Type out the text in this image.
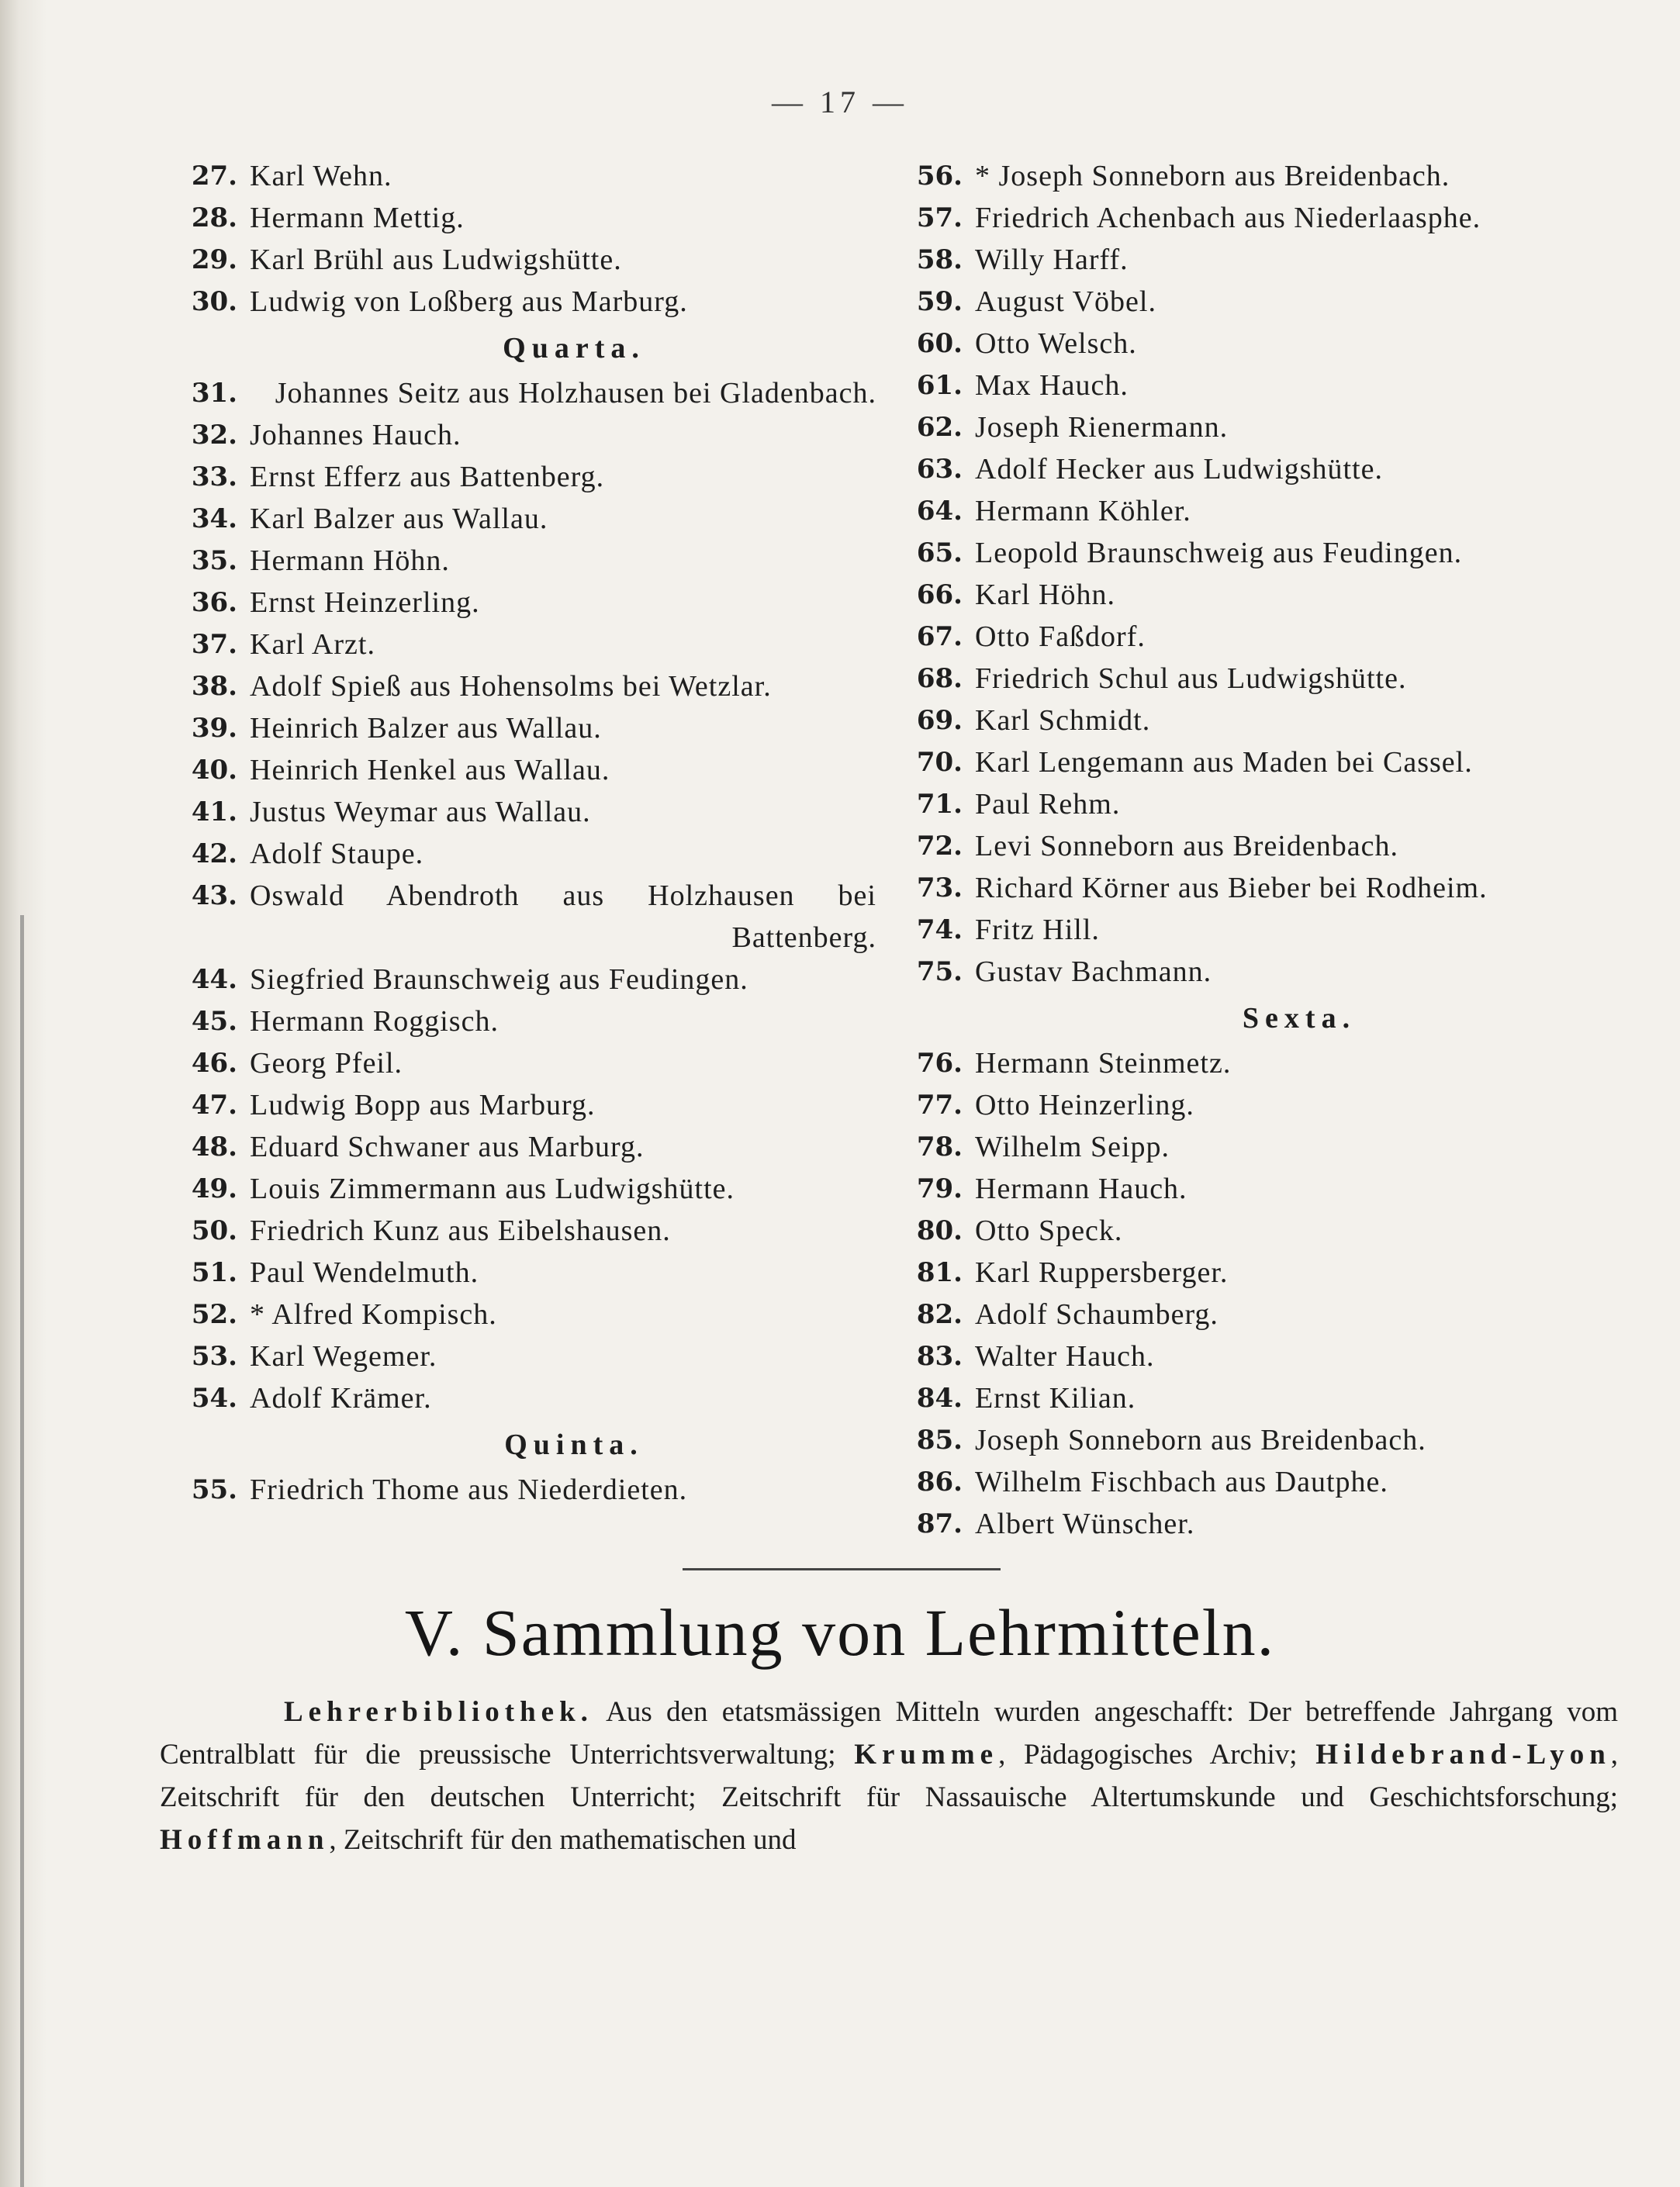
— 17 —
27. Karl Wehn.
28. Hermann Mettig.
29. Karl Brühl aus Ludwigshütte.
30. Ludwig von Loßberg aus Marburg.
Quarta.
31.	Johannes Seitz aus Holzhausen bei Gladenbach.
32. Johannes Hauch.
33. Ernst Efferz aus Battenberg.
34. Karl Balzer aus Wallau.
35. Hermann Höhn.
36. Ernst Heinzerling.
37. Karl Arzt.
38. Adolf Spieß aus Hohensolms bei Wetzlar.
39. Heinrich Balzer aus Wallau.
40. Heinrich Henkel aus Wallau.
41. Justus Weymar aus Wallau.
42. Adolf Staupe.
43. Oswald Abendroth aus Holzhausen bei Battenberg.
44. Siegfried Braunschweig aus Feudingen.
45. Hermann Roggisch.
46. Georg Pfeil.
47. Ludwig Bopp aus Marburg.
48. Eduard Schwaner aus Marburg.
49. Louis Zimmermann aus Ludwigshütte.
50. Friedrich Kunz aus Eibelshausen.
51. Paul Wendelmuth.
52. * Alfred Kompisch.
53. Karl Wegemer.
54. Adolf Krämer.
Quinta.
55. Friedrich Thome aus Niederdieten.
56. * Joseph Sonneborn aus Breidenbach.
57. Friedrich Achenbach aus Niederlaasphe.
58. Willy Harff.
59. August Vöbel.
60. Otto Welsch.
61. Max Hauch.
62. Joseph Rienermann.
63. Adolf Hecker aus Ludwigshütte.
64. Hermann Köhler.
65. Leopold Braunschweig aus Feudingen.
66. Karl Höhn.
67. Otto Faßdorf.
68. Friedrich Schul aus Ludwigshütte.
69. Karl Schmidt.
70. Karl Lengemann aus Maden bei Cassel.
71. Paul Rehm.
72. Levi Sonneborn aus Breidenbach.
73. Richard Körner aus Bieber bei Rodheim.
74. Fritz Hill.
75. Gustav Bachmann.
Sexta.
76. Hermann Steinmetz.
77. Otto Heinzerling.
78. Wilhelm Seipp.
79. Hermann Hauch.
80. Otto Speck.
81. Karl Ruppersberger.
82. Adolf Schaumberg.
83. Walter Hauch.
84. Ernst Kilian.
85. Joseph Sonneborn aus Breidenbach.
86. Wilhelm Fischbach aus Dautphe.
87. Albert Wünscher.
V. Sammlung von Lehrmitteln.
Lehrerbibliothek. Aus den etatsmässigen Mitteln wurden angeschafft: Der betreffende Jahrgang vom Centralblatt für die preussische Unterrichtsverwaltung; Krumme, Pädagogisches Archiv; Hildebrand-Lyon, Zeitschrift für den deutschen Unterricht; Zeitschrift für Nassauische Altertumskunde und Geschichtsforschung; Hoffmann, Zeitschrift für den mathematischen und
